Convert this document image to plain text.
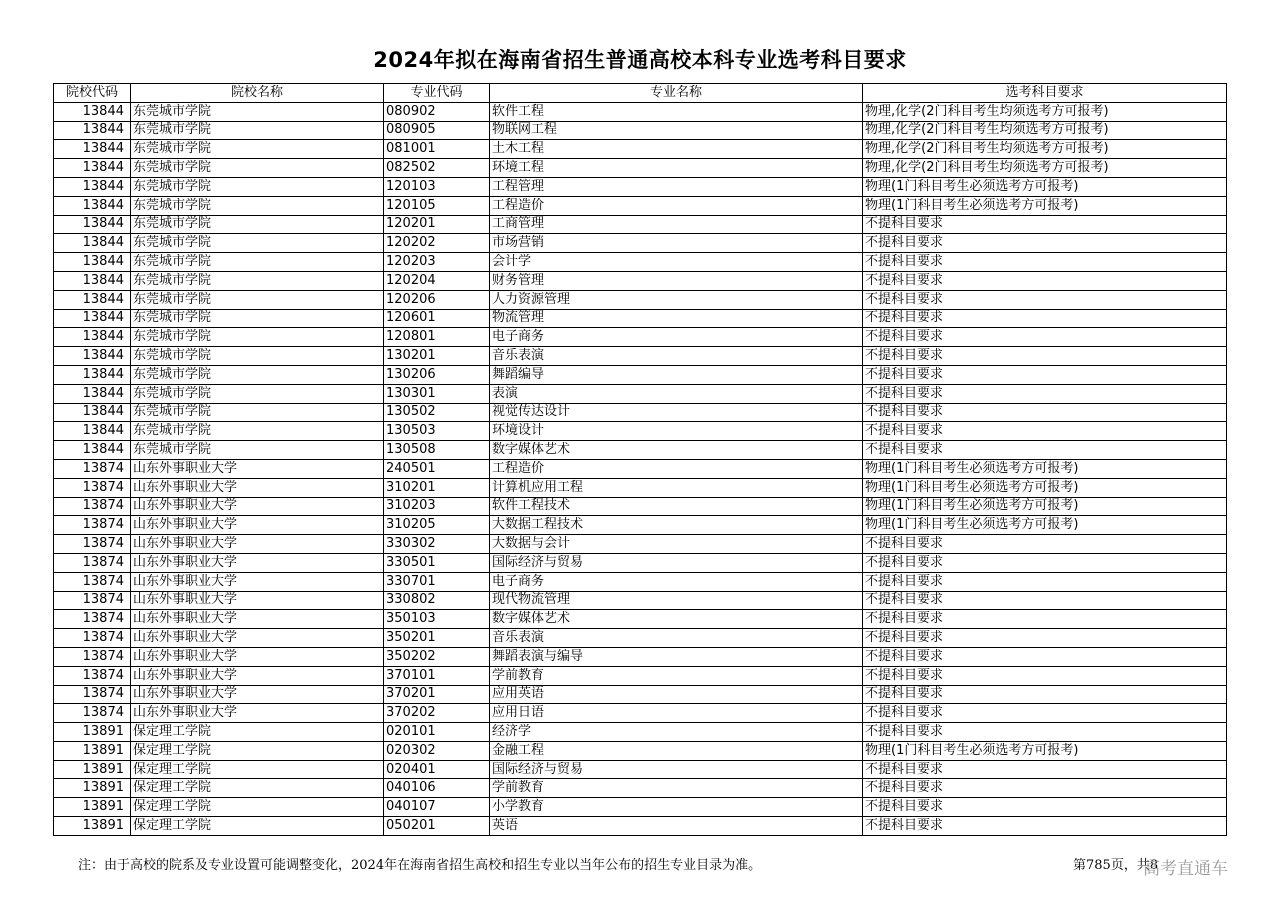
2024年拟在海南省招生普通高校本科专业选考科目要求
院校代码	院校名称	专业代码	专业名称	选考科目要求
13844	东莞城市学院	080902	软件工程	物理,化学(2门科目考生均须选考方可报考)
13844	东莞城市学院	080905	物联网工程	物理,化学(2门科目考生均须选考方可报考)
13844	东莞城市学院	081001	土木工程	物理,化学(2门科目考生均须选考方可报考)
13844	东莞城市学院	082502	环境工程	物理,化学(2门科目考生均须选考方可报考)
13844	东莞城市学院	120103	工程管理	物理(1门科目考生必须选考方可报考)
13844	东莞城市学院	120105	工程造价	物理(1门科目考生必须选考方可报考)
13844	东莞城市学院	120201	工商管理	不提科目要求
13844	东莞城市学院	120202	市场营销	不提科目要求
13844	东莞城市学院	120203	会计学	不提科目要求
13844	东莞城市学院	120204	财务管理	不提科目要求
13844	东莞城市学院	120206	人力资源管理	不提科目要求
13844	东莞城市学院	120601	物流管理	不提科目要求
13844	东莞城市学院	120801	电子商务	不提科目要求
13844	东莞城市学院	130201	音乐表演	不提科目要求
13844	东莞城市学院	130206	舞蹈编导	不提科目要求
13844	东莞城市学院	130301	表演	不提科目要求
13844	东莞城市学院	130502	视觉传达设计	不提科目要求
13844	东莞城市学院	130503	环境设计	不提科目要求
13844	东莞城市学院	130508	数字媒体艺术	不提科目要求
13874	山东外事职业大学	240501	工程造价	物理(1门科目考生必须选考方可报考)
13874	山东外事职业大学	310201	计算机应用工程	物理(1门科目考生必须选考方可报考)
13874	山东外事职业大学	310203	软件工程技术	物理(1门科目考生必须选考方可报考)
13874	山东外事职业大学	310205	大数据工程技术	物理(1门科目考生必须选考方可报考)
13874	山东外事职业大学	330302	大数据与会计	不提科目要求
13874	山东外事职业大学	330501	国际经济与贸易	不提科目要求
13874	山东外事职业大学	330701	电子商务	不提科目要求
13874	山东外事职业大学	330802	现代物流管理	不提科目要求
13874	山东外事职业大学	350103	数字媒体艺术	不提科目要求
13874	山东外事职业大学	350201	音乐表演	不提科目要求
13874	山东外事职业大学	350202	舞蹈表演与编导	不提科目要求
13874	山东外事职业大学	370101	学前教育	不提科目要求
13874	山东外事职业大学	370201	应用英语	不提科目要求
13874	山东外事职业大学	370202	应用日语	不提科目要求
13891	保定理工学院	020101	经济学	不提科目要求
13891	保定理工学院	020302	金融工程	物理(1门科目考生必须选考方可报考)
13891	保定理工学院	020401	国际经济与贸易	不提科目要求
13891	保定理工学院	040106	学前教育	不提科目要求
13891	保定理工学院	040107	小学教育	不提科目要求
13891	保定理工学院	050201	英语	不提科目要求
注：由于高校的院系及专业设置可能调整变化，2024年在海南省招生高校和招生专业以当年公布的招生专业目录为准。	第785页，共8
高考直通车
